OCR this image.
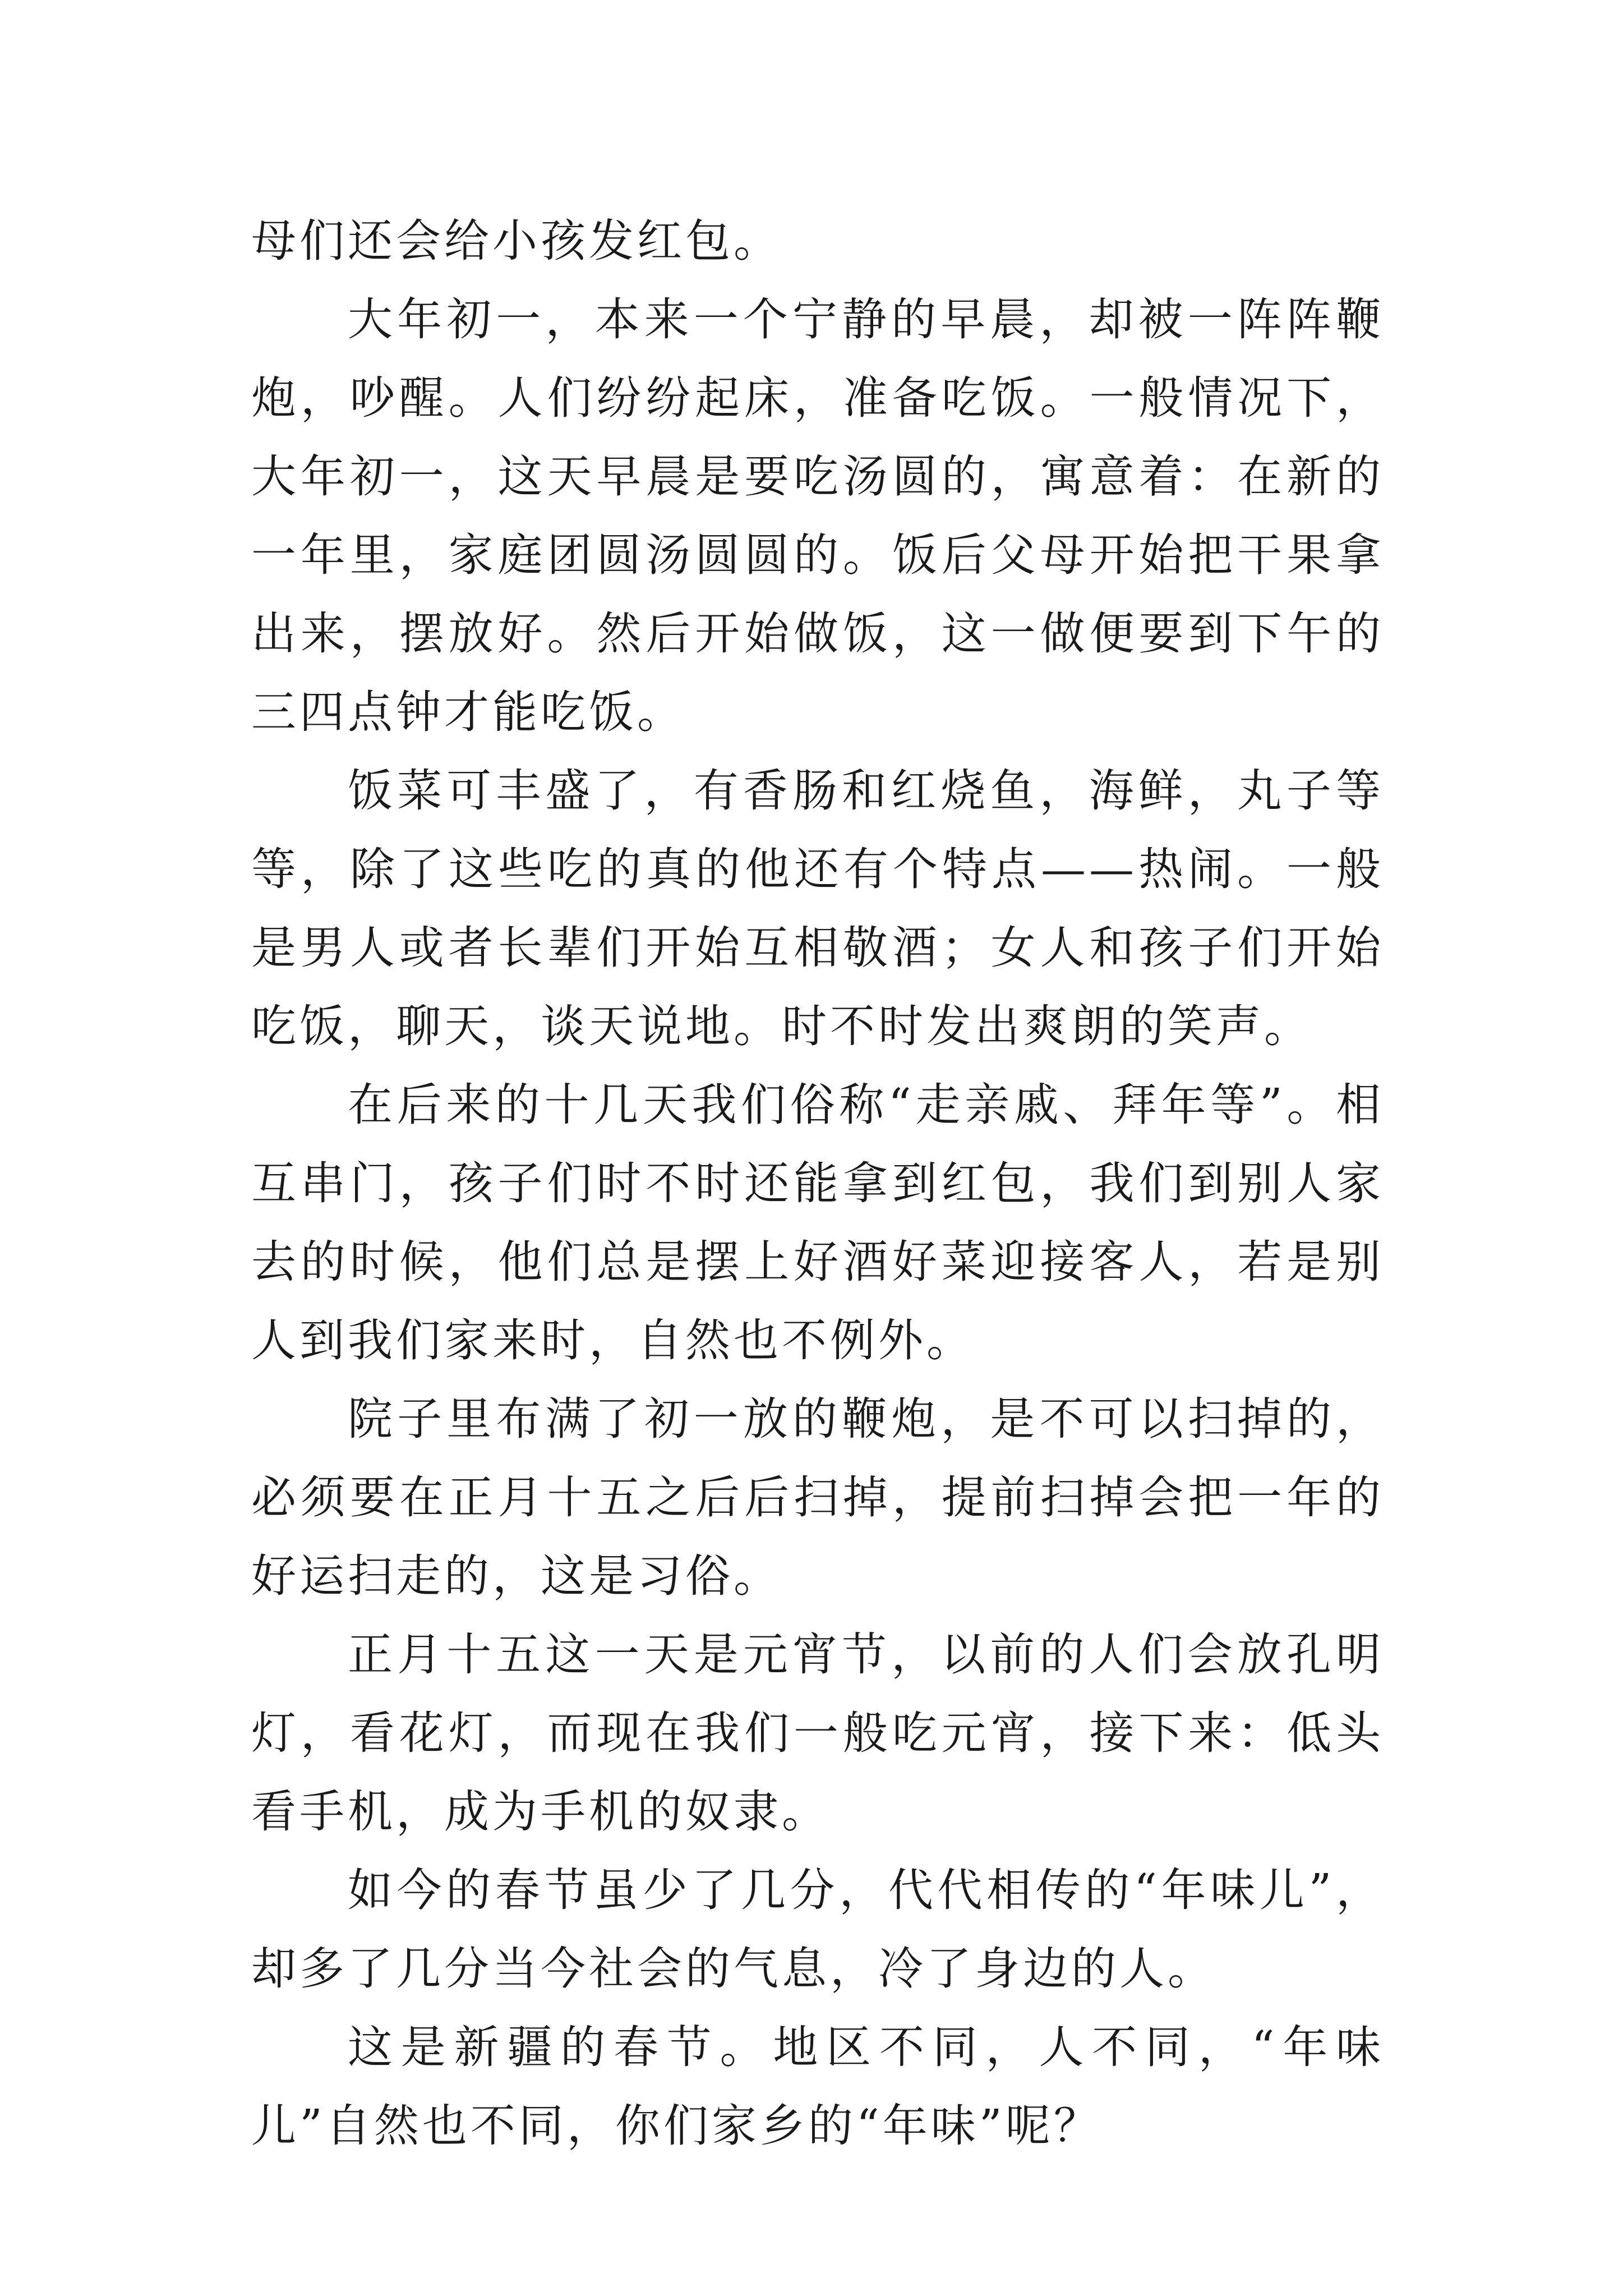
母们还会给小孩发红包。

大年初一，本来一个宁静的早晨，却被一阵阵鞭炮，吵醒。人们纷纷起床，准备吃饭。一般情况下，大年初一，这天早晨是要吃汤圆的，寓意着：在新的一年里，家庭团圆汤圆圆的。饭后父母开始把干果拿出来，摆放好。然后开始做饭，这一做便要到下午的三四点钟才能吃饭。

饭菜可丰盛了，有香肠和红烧鱼，海鲜，丸子等等，除了这些吃的真的他还有个特点——热闹。一般是男人或者长辈们开始互相敬酒；女人和孩子们开始吃饭，聊天，谈天说地。时不时发出爽朗的笑声。

在后来的十几天我们俗称“走亲戚、拜年等”。相互串门，孩子们时不时还能拿到红包，我们到别人家去的时候，他们总是摆上好酒好菜迎接客人，若是别人到我们家来时，自然也不例外。

院子里布满了初一放的鞭炮，是不可以扫掉的，必须要在正月十五之后后扫掉，提前扫掉会把一年的好运扫走的，这是习俗。

正月十五这一天是元宵节，以前的人们会放孔明灯，看花灯，而现在我们一般吃元宵，接下来：低头看手机，成为手机的奴隶。

如今的春节虽少了几分，代代相传的“年味儿”，却多了几分当今社会的气息，冷了身边的人。

这是新疆的春节。地区不同，人不同，“年味儿”自然也不同，你们家乡的“年味”呢？
